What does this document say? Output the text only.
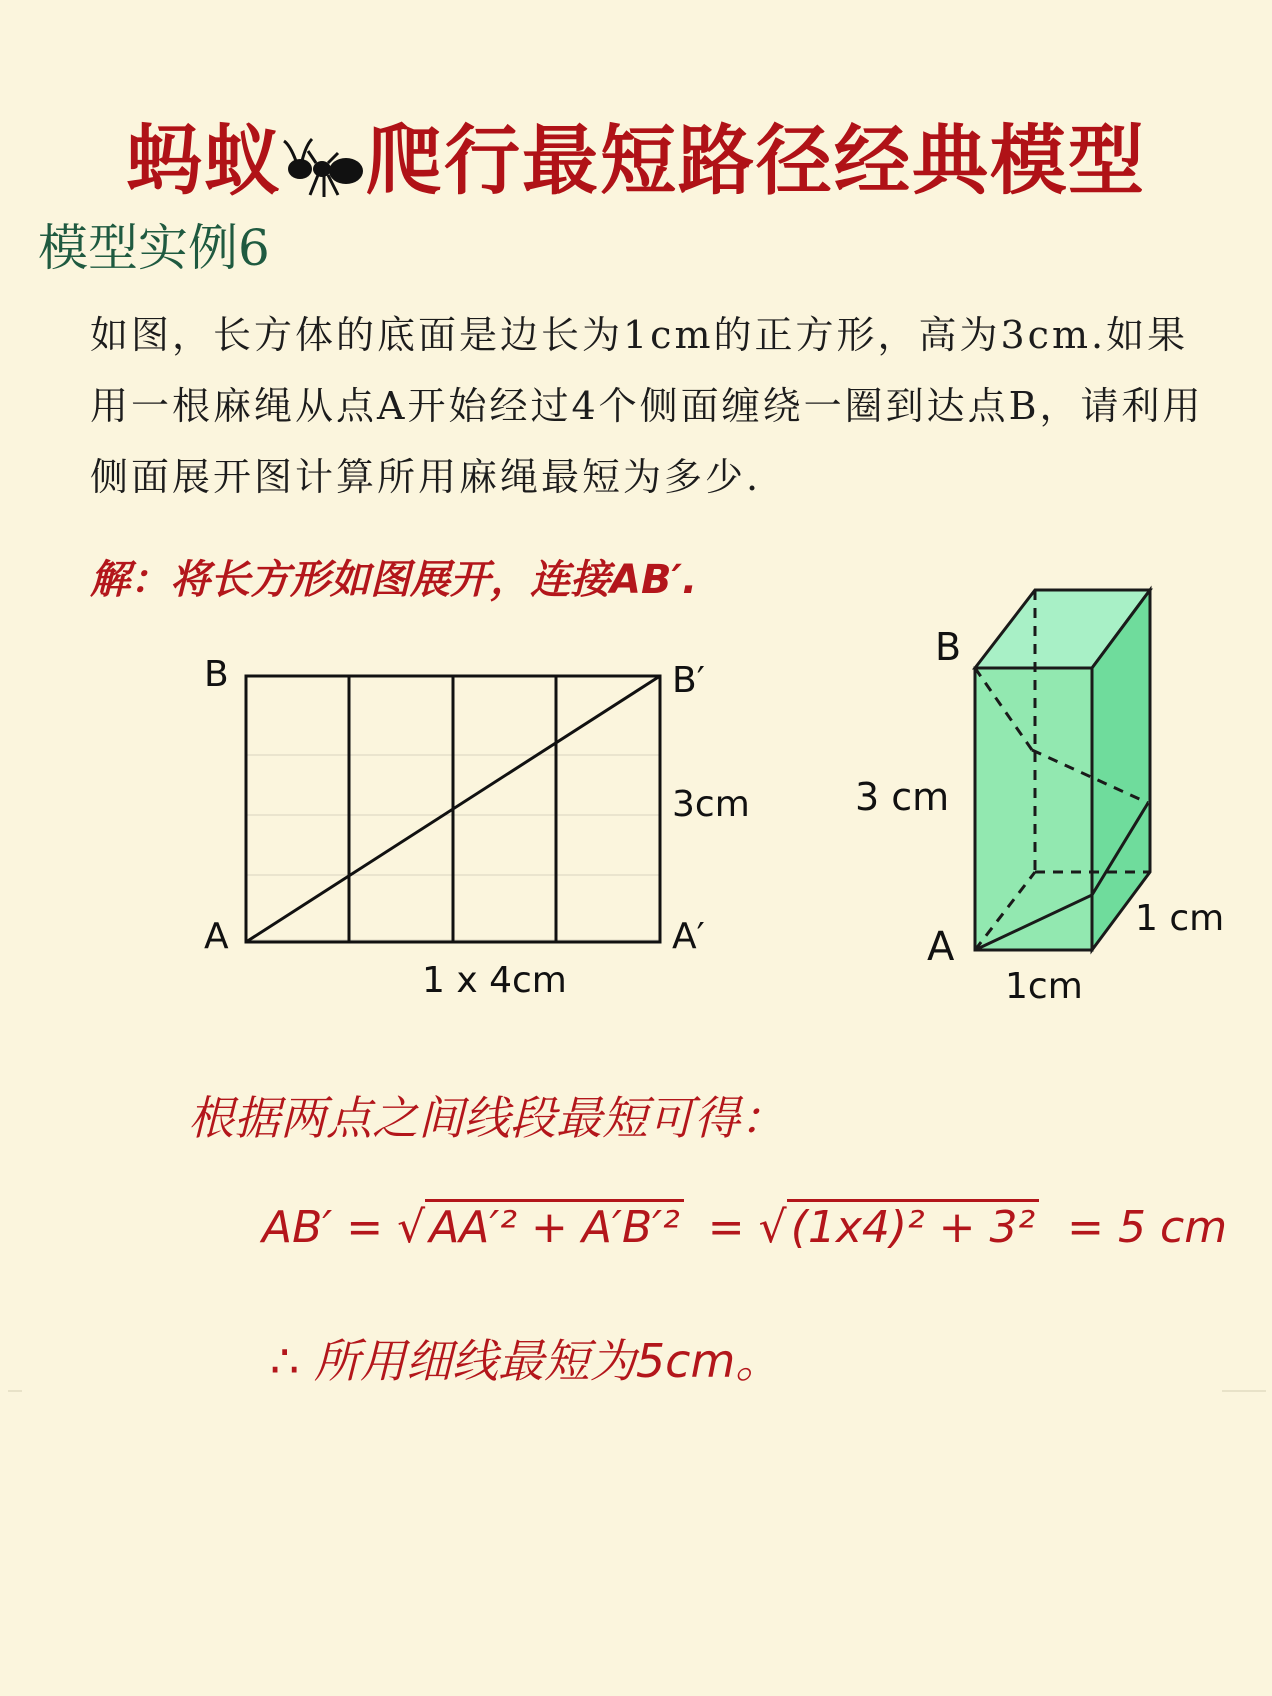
蚂蚁 爬行最短路径经典模型
模型实例6
如图，长方体的底面是边长为1cm的正方形，高为3cm.如果用一根麻绳从点A开始经过4个侧面缠绕一圈到达点B，请利用侧面展开图计算所用麻绳最短为多少.
解：将长方形如图展开，连接AB′.
B	B′
3cm
A	A′
1 x 4cm
B
3 cm
1 cm
A
1cm
根据两点之间线段最短可得：
AB′ = √AA′² + A′B′² = √(1x4)² + 3² = 5 cm
∴ 所用细线最短为5cm。
